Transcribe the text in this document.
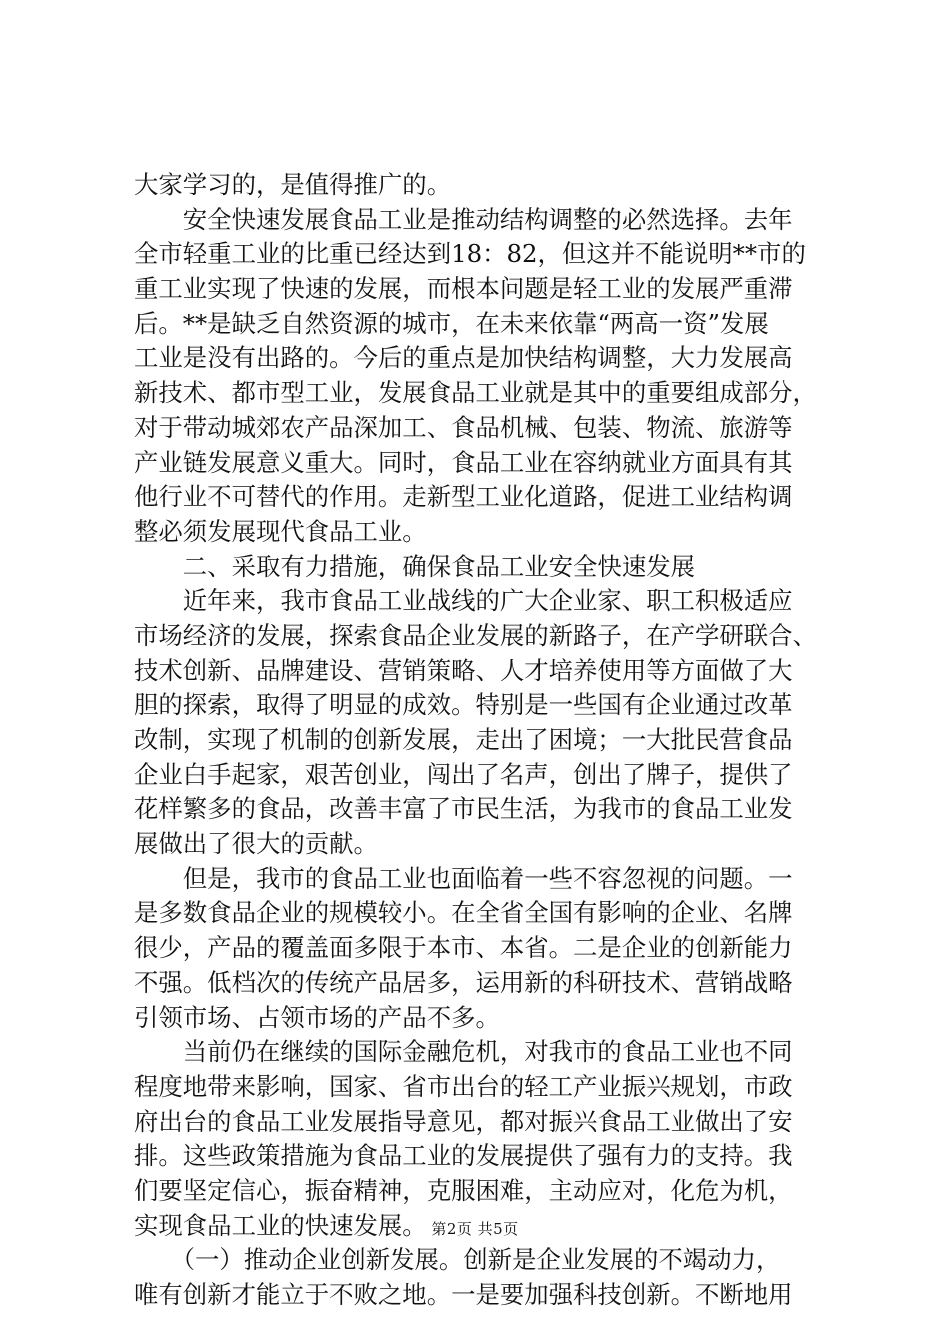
大家学习的，是值得推广的。
　　安全快速发展食品工业是推动结构调整的必然选择。去年
全市轻重工业的比重已经达到18：82，但这并不能说明**市的
重工业实现了快速的发展，而根本问题是轻工业的发展严重滞
后。**是缺乏自然资源的城市，在未来依靠“两高一资”发展
工业是没有出路的。今后的重点是加快结构调整，大力发展高
新技术、都市型工业，发展食品工业就是其中的重要组成部分，
对于带动城郊农产品深加工、食品机械、包装、物流、旅游等
产业链发展意义重大。同时，食品工业在容纳就业方面具有其
他行业不可替代的作用。走新型工业化道路，促进工业结构调
整必须发展现代食品工业。
　　二、采取有力措施，确保食品工业安全快速发展
　　近年来，我市食品工业战线的广大企业家、职工积极适应
市场经济的发展，探索食品企业发展的新路子，在产学研联合、
技术创新、品牌建设、营销策略、人才培养使用等方面做了大
胆的探索，取得了明显的成效。特别是一些国有企业通过改革
改制，实现了机制的创新发展，走出了困境；一大批民营食品
企业白手起家，艰苦创业，闯出了名声，创出了牌子，提供了
花样繁多的食品，改善丰富了市民生活，为我市的食品工业发
展做出了很大的贡献。
　　但是，我市的食品工业也面临着一些不容忽视的问题。一
是多数食品企业的规模较小。在全省全国有影响的企业、名牌
很少，产品的覆盖面多限于本市、本省。二是企业的创新能力
不强。低档次的传统产品居多，运用新的科研技术、营销战略
引领市场、占领市场的产品不多。
　　当前仍在继续的国际金融危机，对我市的食品工业也不同
程度地带来影响，国家、省市出台的轻工产业振兴规划，市政
府出台的食品工业发展指导意见，都对振兴食品工业做出了安
排。这些政策措施为食品工业的发展提供了强有力的支持。我
们要坚定信心，振奋精神，克服困难，主动应对，化危为机，
实现食品工业的快速发展。
　　（一）推动企业创新发展。创新是企业发展的不竭动力，
唯有创新才能立于不败之地。一是要加强科技创新。不断地用
第2页 共5页
